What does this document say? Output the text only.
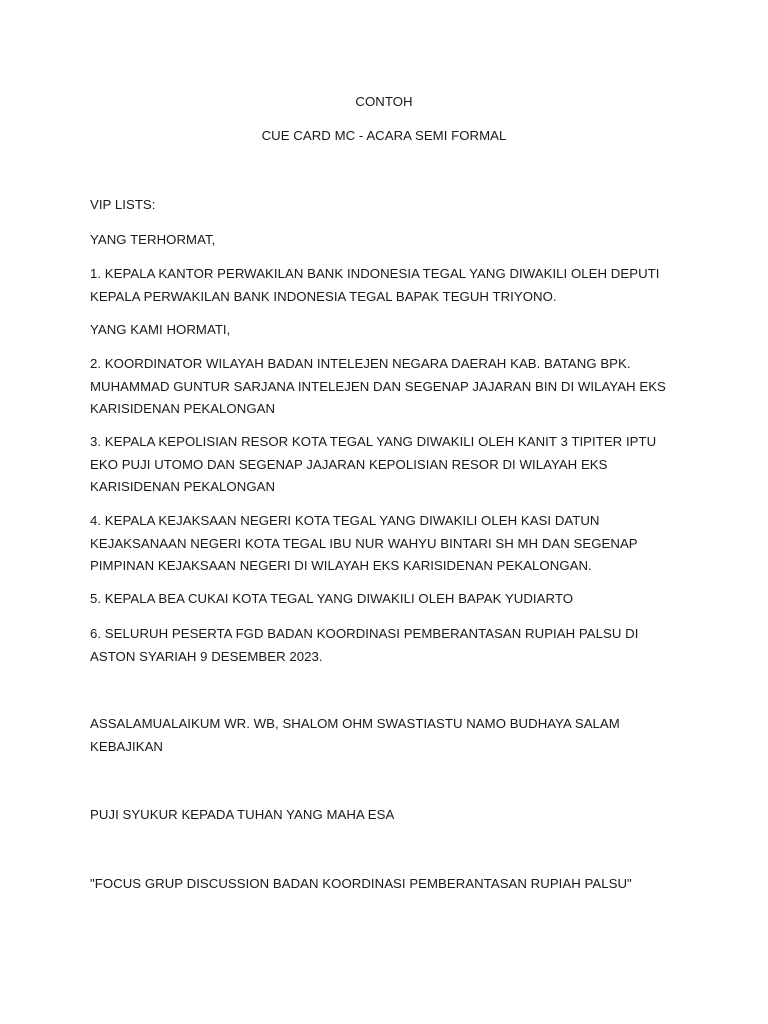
CONTOH

CUE CARD MC - ACARA SEMI FORMAL

VIP LISTS:

YANG TERHORMAT,

1. KEPALA KANTOR PERWAKILAN BANK INDONESIA TEGAL YANG DIWAKILI OLEH DEPUTI KEPALA PERWAKILAN BANK INDONESIA TEGAL BAPAK TEGUH TRIYONO.

YANG KAMI HORMATI,

2. KOORDINATOR WILAYAH BADAN INTELEJEN NEGARA DAERAH KAB. BATANG BPK. MUHAMMAD GUNTUR SARJANA INTELEJEN DAN SEGENAP JAJARAN BIN DI WILAYAH EKS KARISIDENAN PEKALONGAN

3. KEPALA KEPOLISIAN RESOR KOTA TEGAL YANG DIWAKILI OLEH KANIT 3 TIPITER IPTU EKO PUJI UTOMO DAN SEGENAP JAJARAN KEPOLISIAN RESOR DI WILAYAH EKS KARISIDENAN PEKALONGAN

4. KEPALA KEJAKSAAN NEGERI KOTA TEGAL YANG DIWAKILI OLEH KASI DATUN KEJAKSANAAN NEGERI KOTA TEGAL IBU NUR WAHYU BINTARI SH MH DAN SEGENAP PIMPINAN KEJAKSAAN NEGERI DI WILAYAH EKS KARISIDENAN PEKALONGAN.

5. KEPALA BEA CUKAI KOTA TEGAL YANG DIWAKILI OLEH BAPAK YUDIARTO

6. SELURUH PESERTA FGD BADAN KOORDINASI PEMBERANTASAN RUPIAH PALSU DI ASTON SYARIAH 9 DESEMBER 2023.

ASSALAMUALAIKUM WR. WB, SHALOM OHM SWASTIASTU NAMO BUDHAYA SALAM KEBAJIKAN

PUJI SYUKUR KEPADA TUHAN YANG MAHA ESA

"FOCUS GRUP DISCUSSION BADAN KOORDINASI PEMBERANTASAN RUPIAH PALSU"
